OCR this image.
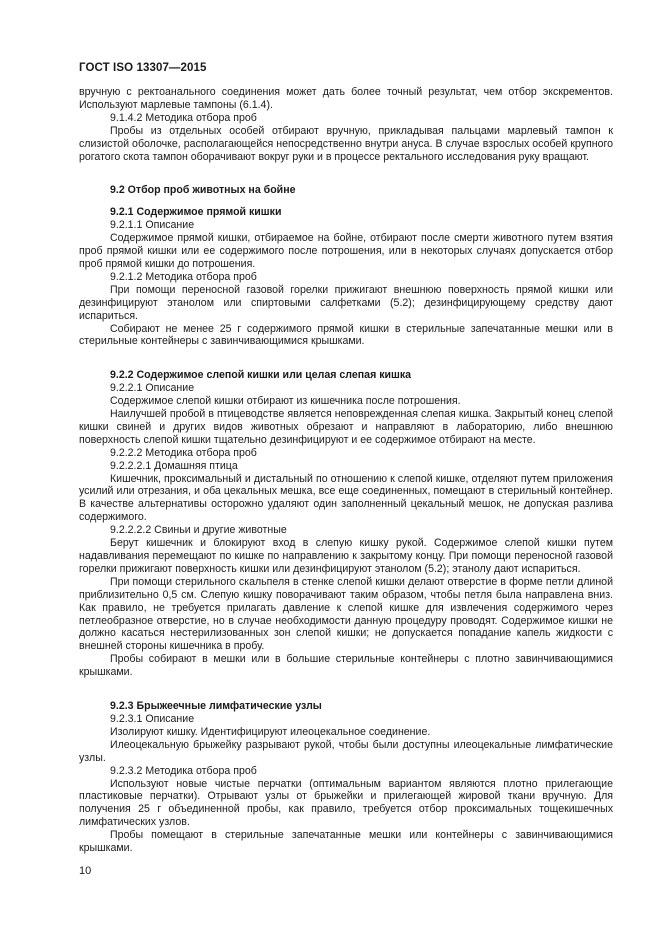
ГОСТ ISO 13307—2015

вручную с ректоанального соединения может дать более точный результат, чем отбор экскрементов. Используют марлевые тампоны (6.1.4).

9.1.4.2 Методика отбора проб

Пробы из отдельных особей отбирают вручную, прикладывая пальцами марлевый тампон к слизистой оболочке, располагающейся непосредственно внутри ануса. В случае взрослых особей крупного рогатого скота тампон оборачивают вокруг руки и в процессе ректального исследования руку вращают.

9.2 Отбор проб животных на бойне

9.2.1 Содержимое прямой кишки

9.2.1.1 Описание

Содержимое прямой кишки, отбираемое на бойне, отбирают после смерти животного путем взятия проб прямой кишки или ее содержимого после потрошения, или в некоторых случаях допускается отбор проб прямой кишки до потрошения.

9.2.1.2 Методика отбора проб

При помощи переносной газовой горелки прижигают внешнюю поверхность прямой кишки или дезинфицируют этанолом или спиртовыми салфетками (5.2); дезинфицирующему средству дают испариться.

Собирают не менее 25 г содержимого прямой кишки в стерильные запечатанные мешки или в стерильные контейнеры с завинчивающимися крышками.

9.2.2 Содержимое слепой кишки или целая слепая кишка

9.2.2.1 Описание

Содержимое слепой кишки отбирают из кишечника после потрошения.

Наилучшей пробой в птицеводстве является неповрежденная слепая кишка. Закрытый конец слепой кишки свиней и других видов животных обрезают и направляют в лабораторию, либо внешнюю поверхность слепой кишки тщательно дезинфицируют и ее содержимое отбирают на месте.

9.2.2.2 Методика отбора проб

9.2.2.2.1 Домашняя птица

Кишечник, проксимальный и дистальный по отношению к слепой кишке, отделяют путем приложения усилий или отрезания, и оба цекальных мешка, все еще соединенных, помещают в стерильный контейнер. В качестве альтернативы осторожно удаляют один заполненный цекальный мешок, не допуская разлива содержимого.

9.2.2.2.2 Свиньи и другие животные

Берут кишечник и блокируют вход в слепую кишку рукой. Содержимое слепой кишки путем надавливания перемещают по кишке по направлению к закрытому концу. При помощи переносной газовой горелки прижигают поверхность кишки или дезинфицируют этанолом (5.2); этанолу дают испариться.

При помощи стерильного скальпеля в стенке слепой кишки делают отверстие в форме петли длиной приблизительно 0,5 см. Слепую кишку поворачивают таким образом, чтобы петля была направлена вниз. Как правило, не требуется прилагать давление к слепой кишке для извлечения содержимого через петлеобразное отверстие, но в случае необходимости данную процедуру проводят. Содержимое кишки не должно касаться нестерилизованных зон слепой кишки; не допускается попадание капель жидкости с внешней стороны кишечника в пробу.

Пробы собирают в мешки или в большие стерильные контейнеры с плотно завинчивающимися крышками.

9.2.3 Брыжеечные лимфатические узлы

9.2.3.1 Описание

Изолируют кишку. Идентифицируют илеоцекальное соединение.

Илеоцекальную брыжейку разрывают рукой, чтобы были доступны илеоцекальные лимфатические узлы.

9.2.3.2 Методика отбора проб

Используют новые чистые перчатки (оптимальным вариантом являются плотно прилегающие пластиковые перчатки). Отрывают узлы от брыжейки и прилегающей жировой ткани вручную. Для получения 25 г объединенной пробы, как правило, требуется отбор проксимальных тощекишечных лимфатических узлов.

Пробы помещают в стерильные запечатанные мешки или контейнеры с завинчивающимися крышками.

10
